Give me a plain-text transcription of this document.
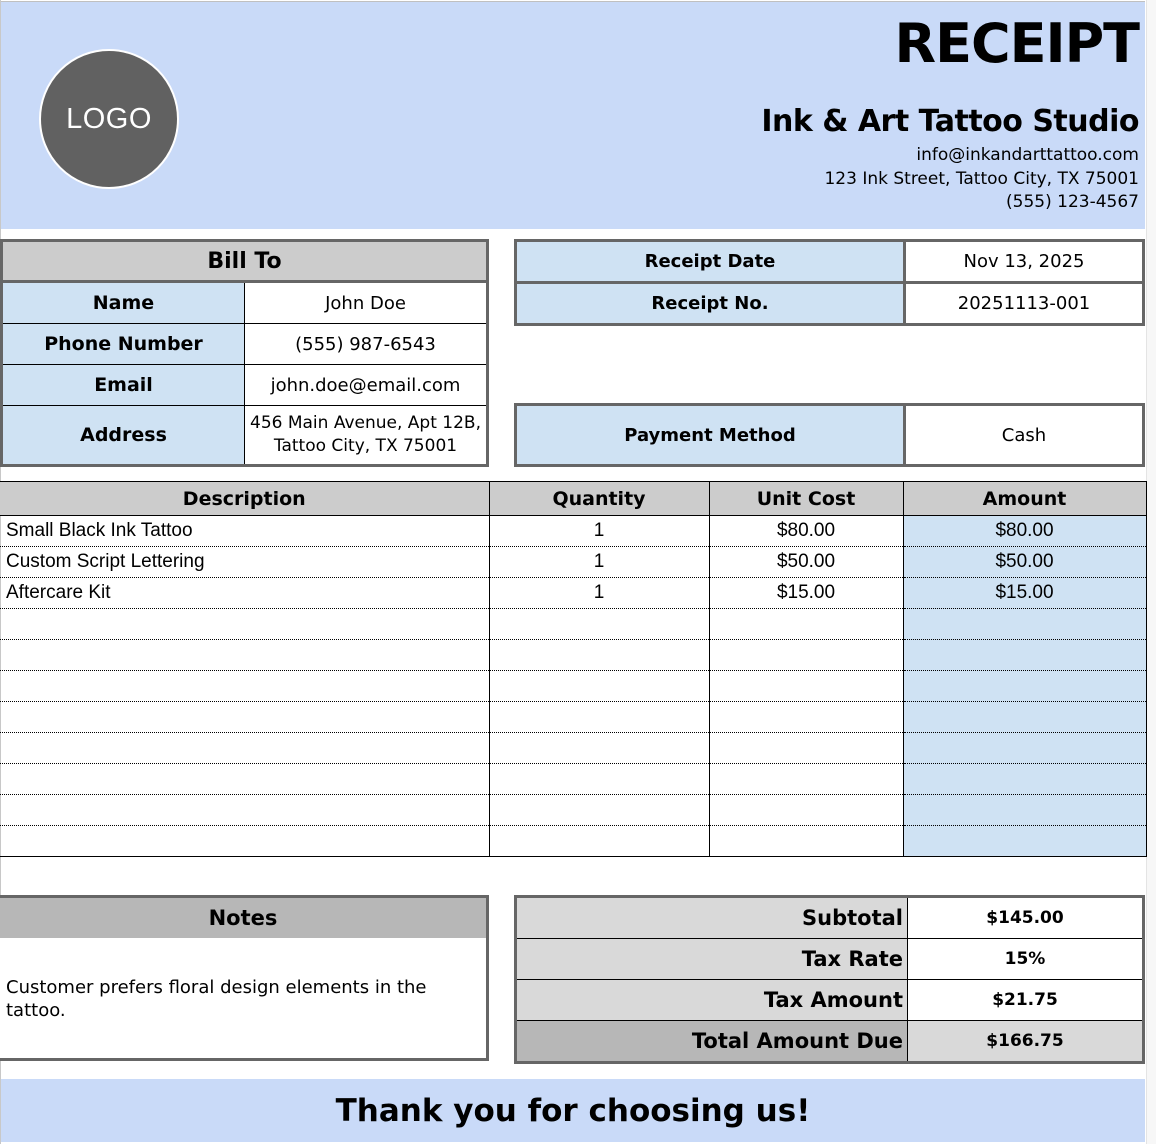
LOGO
RECEIPT
Ink & Art Tattoo Studio
info@inkandarttattoo.com
123 Ink Street, Tattoo City, TX 75001
(555) 123-4567
Bill To	
Name	John Doe
Phone Number	(555) 987-6543
Email	john.doe@email.com
Address	456 Main Avenue, Apt 12B,
Tattoo City, TX 75001
Receipt Date	Nov 13, 2025
Receipt No.	20251113-001
Payment Method	Cash
Description	Quantity	Unit Cost	Amount
Small Black Ink Tattoo	1	$80.00	$80.00
Custom Script Lettering	1	$50.00	$50.00
Aftercare Kit	1	$15.00	$15.00

Notes
Customer prefers floral design elements in the tattoo.
Subtotal	$145.00
Tax Rate	15%
Tax Amount	$21.75
Total Amount Due	$166.75
Thank you for choosing us!
